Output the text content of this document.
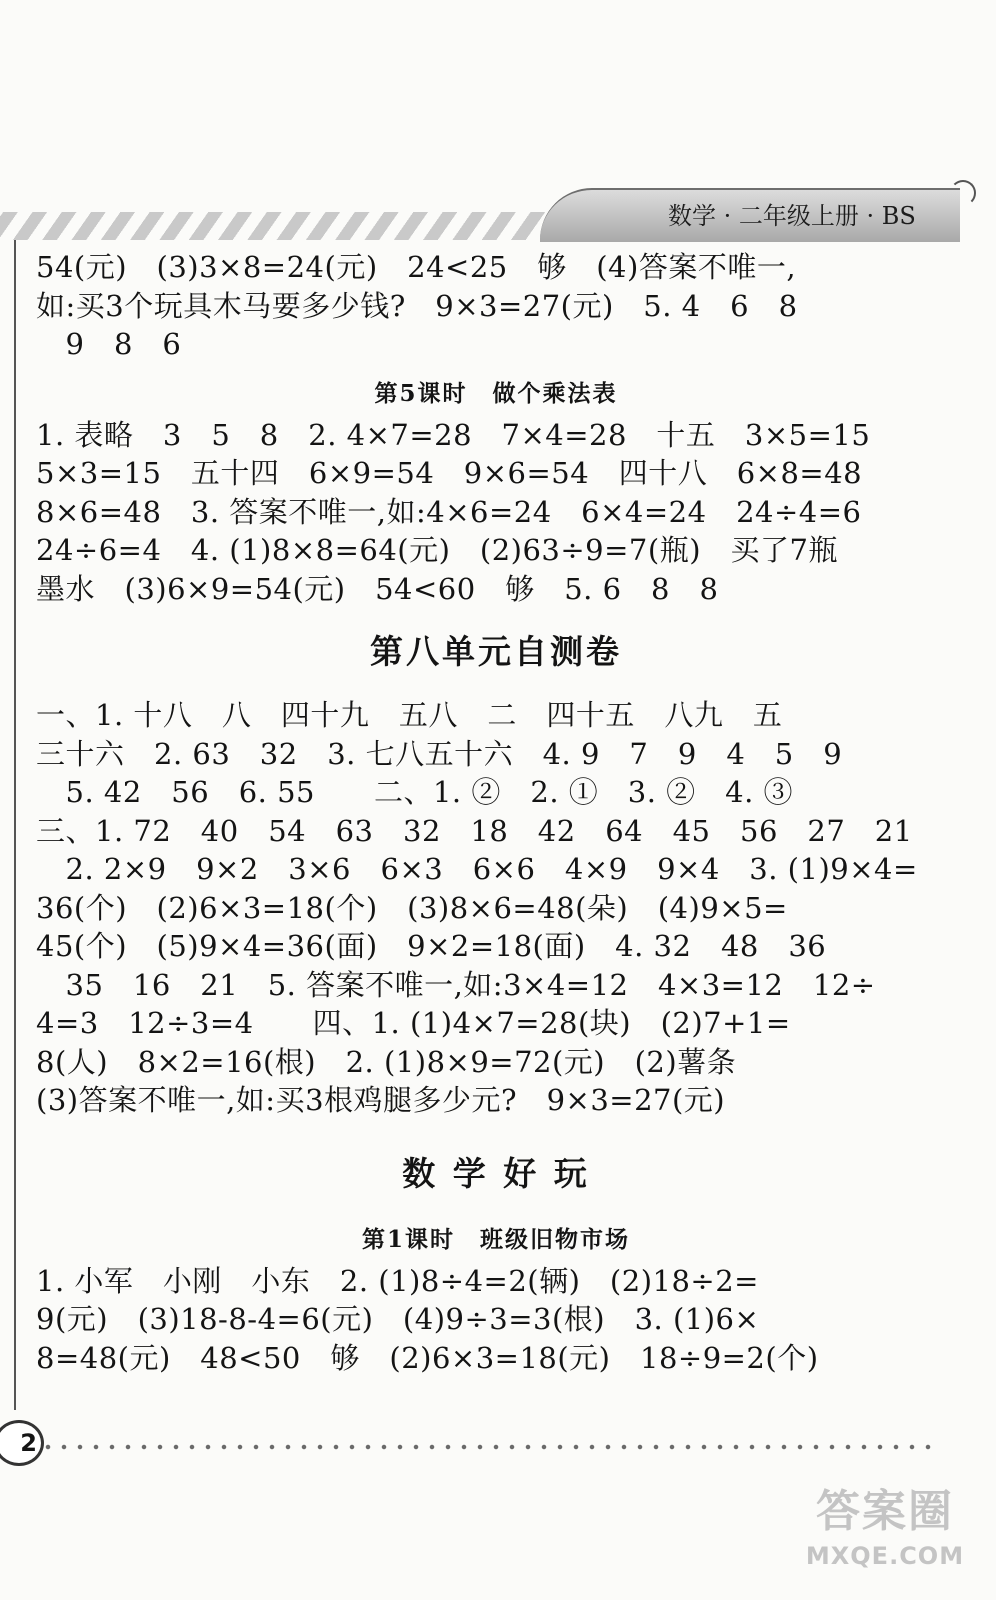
数学 · 二年级上册 · BS
54(元)　(3)3×8=24(元)　24<25　够　(4)答案不唯一,
如:买3个玩具木马要多少钱?　9×3=27(元)　5. 4　6　8
　9　8　6
第5课时　做个乘法表
1. 表略　3　5　8　2. 4×7=28　7×4=28　十五　3×5=15
5×3=15　五十四　6×9=54　9×6=54　四十八　6×8=48
8×6=48　3. 答案不唯一,如:4×6=24　6×4=24　24÷4=6
24÷6=4　4. (1)8×8=64(元)　(2)63÷9=7(瓶)　买了7瓶
墨水　(3)6×9=54(元)　54<60　够　5. 6　8　8
第八单元自测卷
一、1. 十八　八　四十九　五八　二　四十五　八九　五
三十六　2. 63　32　3. 七八五十六　4. 9　7　9　4　5　9
　5. 42　56　6. 55　　二、1. ②　2. ①　3. ②　4. ③
三、1. 72　40　54　63　32　18　42　64　45　56　27　21
　2. 2×9　9×2　3×6　6×3　6×6　4×9　9×4　3. (1)9×4=
36(个)　(2)6×3=18(个)　(3)8×6=48(朵)　(4)9×5=
45(个)　(5)9×4=36(面)　9×2=18(面)　4. 32　48　36
　35　16　21　5. 答案不唯一,如:3×4=12　4×3=12　12÷
4=3　12÷3=4　　四、1. (1)4×7=28(块)　(2)7+1=
8(人)　8×2=16(根)　2. (1)8×9=72(元)　(2)薯条
(3)答案不唯一,如:买3根鸡腿多少元?　9×3=27(元)
数 学 好 玩
第1课时　班级旧物市场
1. 小军　小刚　小东　2. (1)8÷4=2(辆)　(2)18÷2=
9(元)　(3)18-8-4=6(元)　(4)9÷3=3(根)　3. (1)6×
8=48(元)　48<50　够　(2)6×3=18(元)　18÷9=2(个)
2
答案圈
MXQE.COM
